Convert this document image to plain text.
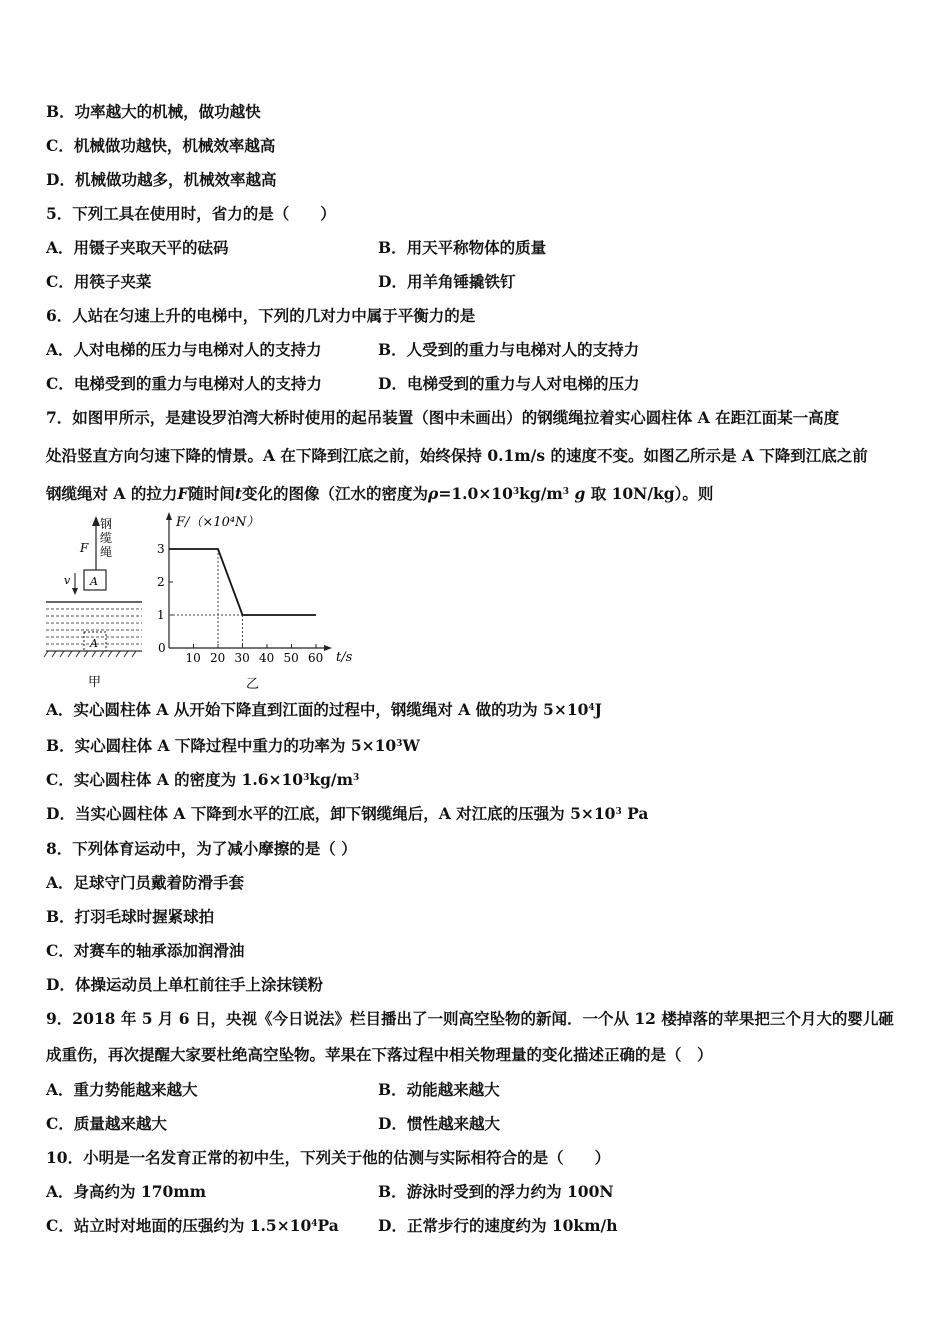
B．功率越大的机械，做功越快
C．机械做功越快，机械效率越高
D．机械做功越多，机械效率越高
5．下列工具在使用时，省力的是（　　）
A．用镊子夹取天平的砝码	B．用天平称物体的质量
C．用筷子夹菜	D．用羊角锤撬铁钉
6．人站在匀速上升的电梯中，下列的几对力中属于平衡力的是
A．人对电梯的压力与电梯对人的支持力	B．人受到的重力与电梯对人的支持力
C．电梯受到的重力与电梯对人的支持力	D．电梯受到的重力与人对电梯的压力
7．如图甲所示，是建设罗泊湾大桥时使用的起吊装置（图中未画出）的钢缆绳拉着实心圆柱体 A 在距江面某一高度
处沿竖直方向匀速下降的情景。A 在下降到江底之前，始终保持 0.1m/s 的速度不变。如图乙所示是 A 下降到江底之前
钢缆绳对 A 的拉力F随时间t变化的图像（江水的密度为$\rho=1.0\times 10^3kg/m^3$ g 取 10N/kg）。则
钢
缆
绳
F
A
v
A
甲
F/（×10⁴N）
t/s
0
10 20 30 40 50 60
1
2
3
乙
A．实心圆柱体 A 从开始下降直到江面的过程中，钢缆绳对 A 做的功为 $5\times 10^4J$
B．实心圆柱体 A 下降过程中重力的功率为 $5\times 10^3W$
C．实心圆柱体 A 的密度为 $1.6\times 10^3kg/m^3$
D．当实心圆柱体 A 下降到水平的江底，卸下钢缆绳后，A 对江底的压强为 $5\times 10^3$ Pa
8．下列体育运动中，为了减小摩擦的是（ ）
A．足球守门员戴着防滑手套
B．打羽毛球时握紧球拍
C．对赛车的轴承添加润滑油
D．体操运动员上单杠前往手上涂抹镁粉
9．2018 年 5 月 6 日，央视《今日说法》栏目播出了一则高空坠物的新闻．一个从 12 楼掉落的苹果把三个月大的婴儿砸
成重伤，再次提醒大家要杜绝高空坠物。苹果在下落过程中相关物理量的变化描述正确的是（　）
A．重力势能越来越大	B．动能越来越大
C．质量越来越大	D．惯性越来越大
10．小明是一名发育正常的初中生，下列关于他的估测与实际相符合的是（　　）
A．身高约为 170mm	B．游泳时受到的浮力约为 100N
C．站立时对地面的压强约为 $1.5\times 10^4Pa$	D．正常步行的速度约为 10km/h
